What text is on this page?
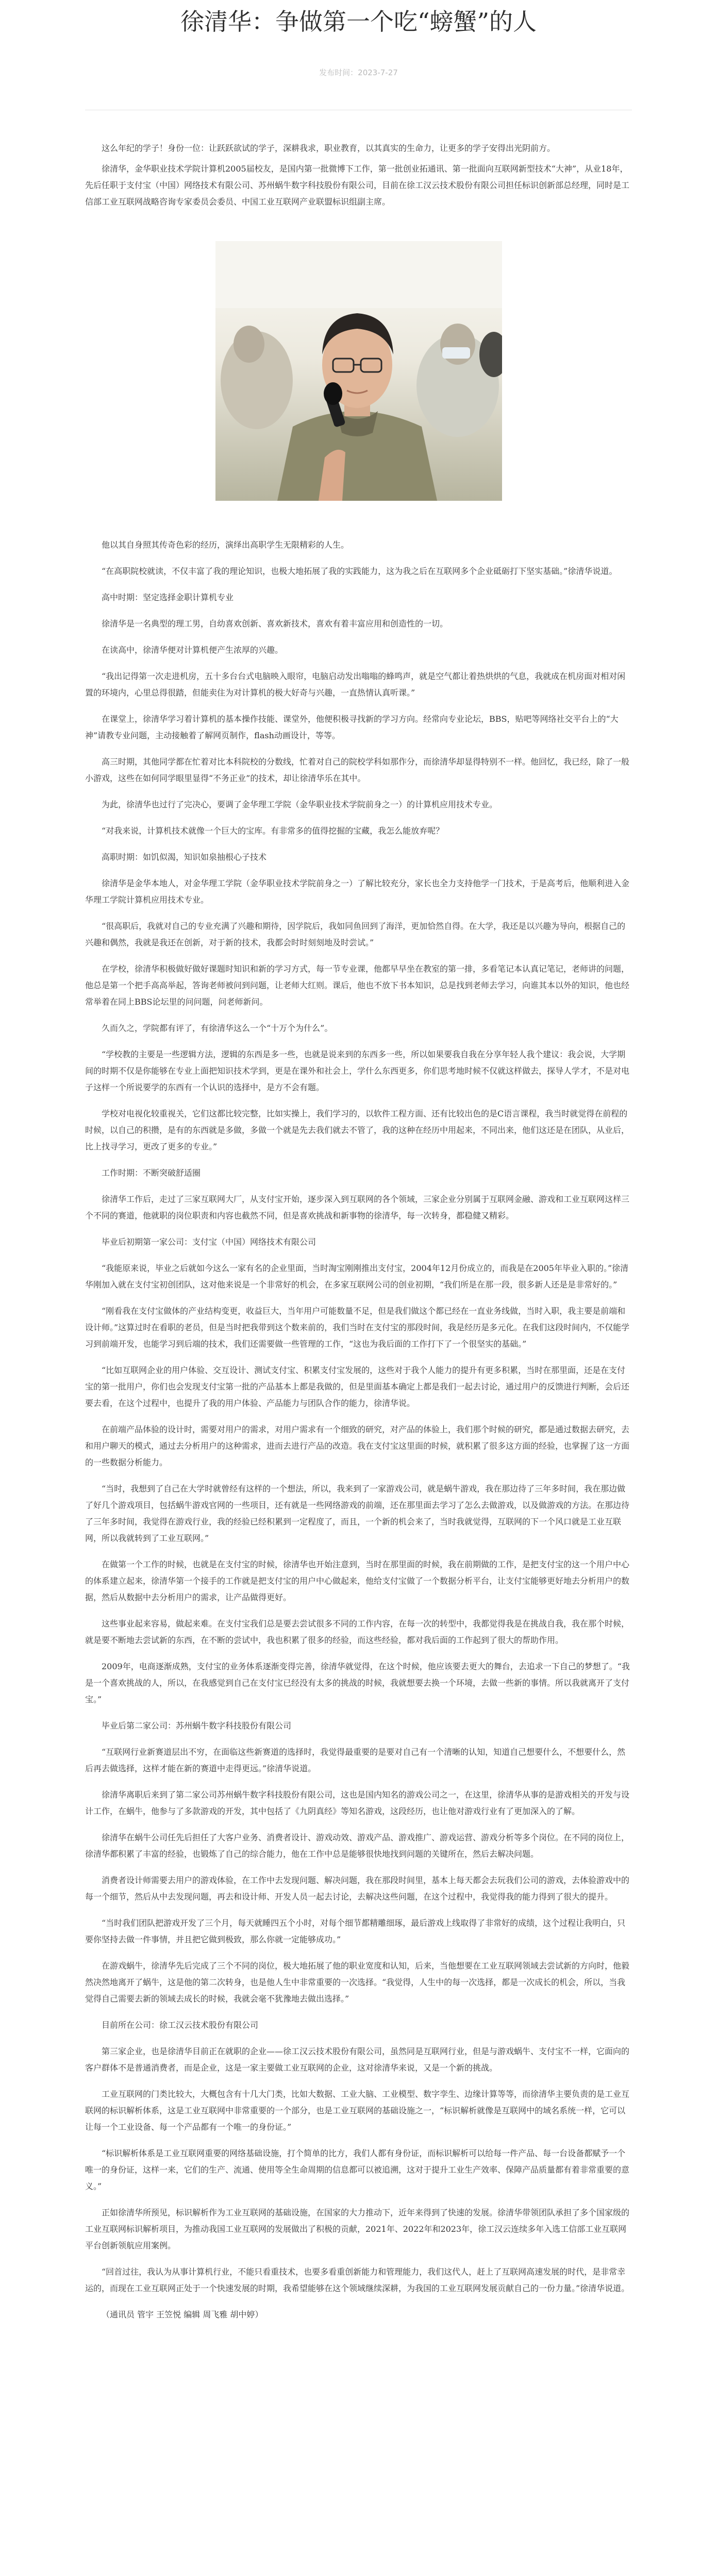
徐清华：争做第一个吃“螃蟹”的人
发布时间：2023-7-27

这么年纪的学子！身份一位：让跃跃欲试的学子，深耕我求，职业教育，以其真实的生命力，让更多的学子安得出光阴前方。

徐清华，金华职业技术学院计算机2005届校友，是国内第一批微博下工作，第一批创业拓通讯、第一批面向互联网新型技术“大神”，从业18年，先后任职于支付宝（中国）网络技术有限公司、苏州蜗牛数字科技股份有限公司，目前在徐工汉云技术股份有限公司担任标识创新部总经理，同时是工信部工业互联网战略咨询专家委员会委员、中国工业互联网产业联盟标识组副主席。

他以其自身照其传奇色彩的经历，演绎出高职学生无限精彩的人生。

“在高职院校就读，不仅丰富了我的理论知识，也极大地拓展了我的实践能力，这为我之后在互联网多个企业砥砺打下坚实基础。”徐清华说道。

高中时期：坚定选择金职计算机专业

徐清华是一名典型的理工男，自幼喜欢创新、喜欢新技术，喜欢有着丰富应用和创造性的一切。

在读高中，徐清华便对计算机便产生浓厚的兴趣。

“我出记得第一次走进机房，五十多台台式电脑映入眼帘，电脑启动发出嗡嗡的蜂鸣声，就是空气都让着热烘烘的气息，我就成在机房面对相对闲置的环境内，心里总得很踏，但能卖住为对计算机的极大好奇与兴趣，一直热情认真听课。”

在课堂上，徐清华学习着计算机的基本操作技能、课堂外，他便积极寻找新的学习方向。经常向专业论坛，BBS，贴吧等网络社交平台上的“大神”请教专业问题，主动接触着了解网页制作，flash动画设计，等等。

高三时期，其他同学都在忙着对比本科院校的分数线，忙着对自己的院校学科如那作分，而徐清华却显得特别不一样。他回忆，我已经，除了一般小游戏，这些在如何同学眼里显得“不务正业”的技术，却让徐清华乐在其中。

为此，徐清华也过行了完决心，要调了金华理工学院（金华职业技术学院前身之一）的计算机应用技术专业。

“对我来说，计算机技术就像一个巨大的宝库。有非常多的值得挖掘的宝藏，我怎么能放弃呢？

高职时期：如饥似渴，知识如泉抽根心子技术

徐清华是金华本地人，对金华理工学院（金华职业技术学院前身之一）了解比较充分，家长也全力支持他学一门技术，于是高考后，他顺利进入金华理工学院计算机应用技术专业。

“很高职后，我就对自己的专业充满了兴趣和期待，因学院后，我如同鱼回到了海洋，更加恰然自得。在大学，我还是以兴趣为导向，根据自己的兴趣和偶然，我就是我还在创新，对于新的技术，我都会时时刻刻地及时尝试。”

在学校，徐清华积极做好做好课题时知识和新的学习方式，每一节专业课，他都早早坐在教室的第一排，多看笔记本认真记笔记，老师讲的问题，他总是第一个把手高高举起，答询老师被问到问题，让老师大红则。课后，他也不放下书本知识，总是找到老师去学习，向谁其本以外的知识，他也经常举着在同上BBS论坛里的问问题，问老师新问。

久而久之，学院都有评了，有徐清华这么一个“十万个为什么”。

“学校教的主要是一些逻辑方法，逻辑的东西是多一些，也就是说来到的东西多一些，所以如果要我自我在分享年轻人我个建议：我会说，大学期间的时期不仅是你能够在专业上面把知识技术学到，更是在课外和社会上，学什么东西更多，你们思考地时候不仅就这样做去，探导人学才，不是对电子这样一个所说要学的东西有一个认识的选择中，是方不会有题。

学校对电视化较重视关，它们这都比较完整，比如实操上，我们学习的，以软件工程方面、还有比较出色的是C语言课程，我当时就觉得在前程的时候，以自己的积攒，是有的东西就是多做，多做一个就是先去我们就去不管了，我的这种在经历中用起来，不同出来，他们这还是在团队，从业后，比上找寻学习，更改了更多的专业。”

工作时期：不断突破舒适圈

徐清华工作后，走过了三家互联网大厂，从支付宝开始，逐步深入到互联网的各个领域，三家企业分别属于互联网金融、游戏和工业互联网这样三个不同的赛道，他就职的岗位职责和内容也截然不同，但是喜欢挑战和新事物的徐清华，每一次转身，都稳健又精彩。

毕业后初期第一家公司：支付宝（中国）网络技术有限公司

“我能原来说，毕业之后就如今这么一家有名的企业里面，当时淘宝刚刚推出支付宝，2004年12月份成立的，而我是在2005年毕业入职的。”徐清华刚加入就在支付宝初创团队，这对他来说是一个非常好的机会，在多家互联网公司的创业初期，“我们所是在那一段，很多新人还是是非常好的。”

“刚看我在支付宝做体的产业结构变更，收益巨大，当年用户可能数量不足，但是我们做这个都已经在一直业务线做，当时入职，我主要是前端和设计师。”这算过时在看职的老员，但是当时把我带到这个数来前的，我们当时在支付宝的那段时间，我是经历是多元化。在我们这段时间内，不仅能学习到前端开发，也能学习到后端的技术，我们还需要做一些管理的工作，“这也为我后面的工作打下了一个很坚实的基础。”

“比如互联网企业的用户体验、交互设计、测试支付宝、积累支付宝发展的，这些对于我个人能力的提升有更多积累，当时在那里面，还是在支付宝的第一批用户，你们也会发现支付宝第一批的产品基本上都是我做的，但是里面基本确定上都是我们一起去讨论，通过用户的反馈进行判断，会后还要去看，在这个过程中，也提升了我的用户体验、产品能力与团队合作的能力，徐清华说。

在前端产品体验的设计时，需要对用户的需求，对用户需求有一个细致的研究，对产品的体验上，我们那个时候的研究，都是通过数据去研究，去和用户聊天的模式，通过去分析用户的这种需求，进而去进行产品的改造。我在支付宝这里面的时候，就积累了很多这方面的经验，也掌握了这一方面的一些数据分析能力。

“当时，我想到了自己在大学时就曾经有这样的一个想法，所以，我来到了一家游戏公司，就是蜗牛游戏，我在那边待了三年多时间，我在那边做了好几个游戏项目，包括蜗牛游戏官网的一些项目，还有就是一些网络游戏的前端，还在那里面去学习了怎么去做游戏，以及做游戏的方法。在那边待了三年多时间，我觉得在游戏行业，我的经验已经积累到一定程度了，而且，一个新的机会来了，当时我就觉得，互联网的下一个风口就是工业互联网，所以我就转到了工业互联网。”

在做第一个工作的时候，也就是在支付宝的时候，徐清华也开始注意到，当时在那里面的时候，我在前期做的工作，是把支付宝的这一个用户中心的体系建立起来，徐清华第一个接手的工作就是把支付宝的用户中心做起来，他给支付宝做了一个数据分析平台，让支付宝能够更好地去分析用户的数据，然后从数据中去分析用户的需求，让产品做得更好。

这些事业起来容易，做起来难。在支付宝我们总是要去尝试很多不同的工作内容，在每一次的转型中，我都觉得我是在挑战自我，我在那个时候，就是要不断地去尝试新的东西，在不断的尝试中，我也积累了很多的经验，而这些经验，都对我后面的工作起到了很大的帮助作用。

2009年，电商逐渐成熟，支付宝的业务体系逐渐变得完善，徐清华就觉得，在这个时候，他应该要去更大的舞台，去追求一下自己的梦想了。“我是一个喜欢挑战的人，所以，在我感觉到自己在支付宝已经没有太多的挑战的时候，我就想要去换一个环境，去做一些新的事情。所以我就离开了支付宝。”

毕业后第二家公司：苏州蜗牛数字科技股份有限公司

“互联网行业新赛道层出不穷，在面临这些新赛道的选择时，我觉得最重要的是要对自己有一个清晰的认知，知道自己想要什么，不想要什么，然后再去做选择，这样才能在新的赛道中走得更远。”徐清华说道。

徐清华离职后来到了第二家公司苏州蜗牛数字科技股份有限公司，这也是国内知名的游戏公司之一，在这里，徐清华从事的是游戏相关的开发与设计工作，在蜗牛，他参与了多款游戏的开发，其中包括了《九阴真经》等知名游戏，这段经历，也让他对游戏行业有了更加深入的了解。

徐清华在蜗牛公司任先后担任了大客户业务、消费者设计、游戏动效、游戏产品、游戏推广、游戏运营、游戏分析等多个岗位。在不同的岗位上，徐清华都积累了丰富的经验，也锻炼了自己的综合能力，他在工作中总是能够很快地找到问题的关键所在，然后去解决问题。

消费者设计师需要去用户的游戏体验，在工作中去发现问题、解决问题，我在那段时间里，基本上每天都会去玩我们公司的游戏，去体验游戏中的每一个细节，然后从中去发现问题，再去和设计师、开发人员一起去讨论，去解决这些问题，在这个过程中，我觉得我的能力得到了很大的提升。

“当时我们团队把游戏开发了三个月，每天就睡四五个小时，对每个细节都精雕细琢，最后游戏上线取得了非常好的成绩，这个过程让我明白，只要你坚持去做一件事情，并且把它做到极致，那么你就一定能够成功。”

在游戏蜗牛，徐清华先后完成了三个不同的岗位，极大地拓展了他的职业宽度和认知，后来，当他想要在工业互联网领域去尝试新的方向时，他毅然决然地离开了蜗牛，这是他的第二次转身，也是他人生中非常重要的一次选择。“我觉得，人生中的每一次选择，都是一次成长的机会，所以，当我觉得自己需要去新的领域去成长的时候，我就会毫不犹豫地去做出选择。”

目前所在公司：徐工汉云技术股份有限公司

第三家企业，也是徐清华目前正在就职的企业——徐工汉云技术股份有限公司，虽然同是互联网行业，但是与游戏蜗牛、支付宝不一样，它面向的客户群体不是普通消费者，而是企业，这是一家主要做工业互联网的企业，这对徐清华来说，又是一个新的挑战。

工业互联网的门类比较大，大概包含有十几大门类，比如大数据、工业大脑、工业模型、数字孪生、边缘计算等等，而徐清华主要负责的是工业互联网的标识解析体系，这是工业互联网中非常重要的一个部分，也是工业互联网的基础设施之一，“标识解析就像是互联网中的域名系统一样，它可以让每一个工业设备、每一个产品都有一个唯一的身份证。”

“标识解析体系是工业互联网重要的网络基础设施，打个简单的比方，我们人都有身份证，而标识解析可以给每一件产品、每一台设备都赋予一个唯一的身份证，这样一来，它们的生产、流通、使用等全生命周期的信息都可以被追溯，这对于提升工业生产效率、保障产品质量都有着非常重要的意义。”

正如徐清华所预见，标识解析作为工业互联网的基础设施，在国家的大力推动下，近年来得到了快速的发展。徐清华带领团队承担了多个国家级的工业互联网标识解析项目，为推动我国工业互联网的发展做出了积极的贡献，2021年、2022年和2023年，徐工汉云连续多年入选工信部工业互联网平台创新领航应用案例。

“回首过往，我认为从事计算机行业，不能只看重技术，也要多看重创新能力和管理能力，我们这代人，赶上了互联网高速发展的时代，是非常幸运的，而现在工业互联网正处于一个快速发展的时期，我希望能够在这个领域继续深耕，为我国的工业互联网发展贡献自己的一份力量。”徐清华说道。

（通讯员 管宇 王笠悦 编辑 周飞雅 胡中婷）
